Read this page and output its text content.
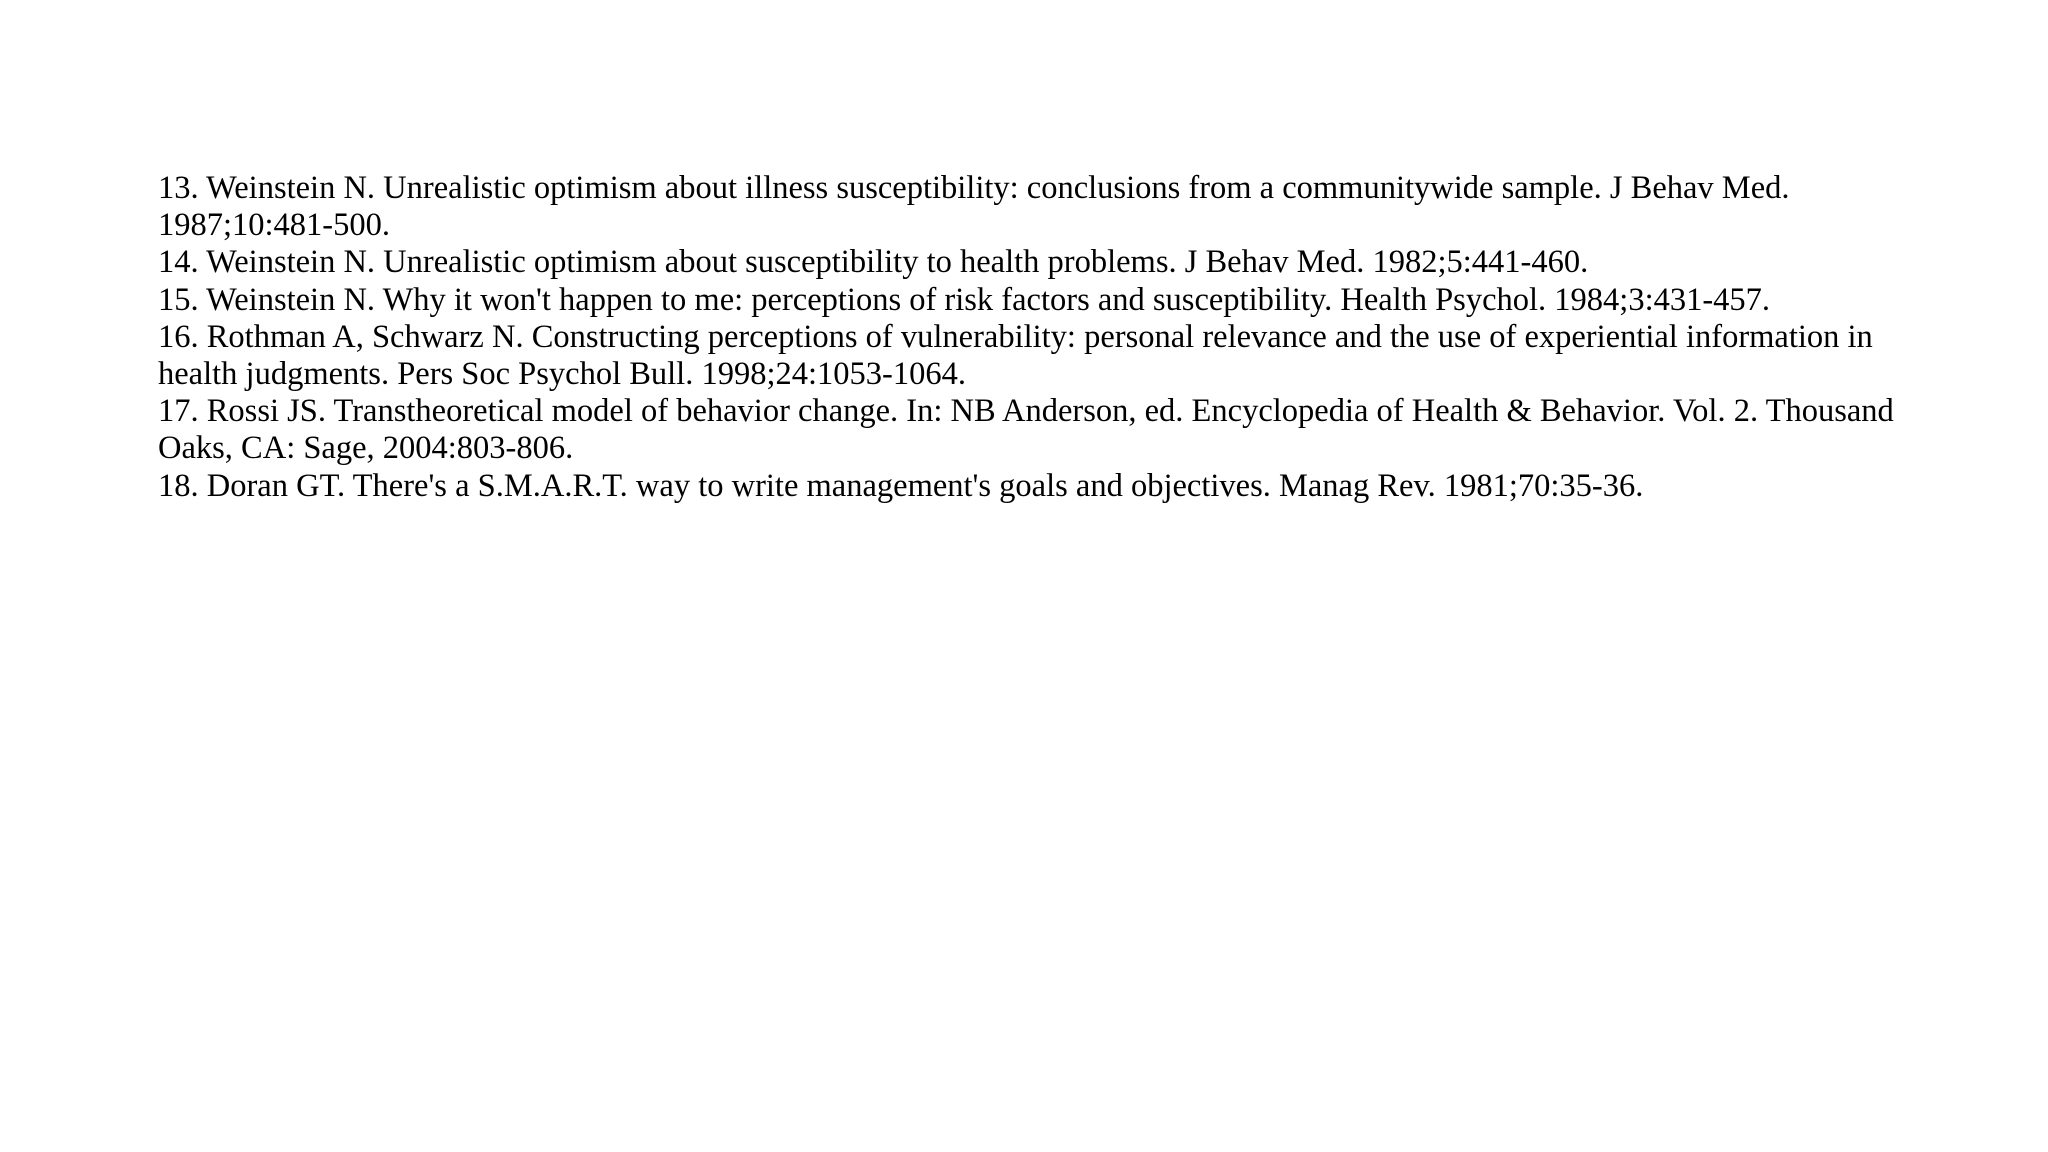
13. Weinstein N. Unrealistic optimism about illness susceptibility: conclusions from a communitywide sample. J Behav Med. 1987;10:481-500.
14. Weinstein N. Unrealistic optimism about susceptibility to health problems. J Behav Med. 1982;5:441-460.
15. Weinstein N. Why it won't happen to me: perceptions of risk factors and susceptibility. Health Psychol. 1984;3:431-457.
16. Rothman A, Schwarz N. Constructing perceptions of vulnerability: personal relevance and the use of experiential information in health judgments. Pers Soc Psychol Bull. 1998;24:1053-1064.
17. Rossi JS. Transtheoretical model of behavior change. In: NB Anderson, ed. Encyclopedia of Health & Behavior. Vol. 2. Thousand Oaks, CA: Sage, 2004:803-806.
18. Doran GT. There's a S.M.A.R.T. way to write management's goals and objectives. Manag Rev. 1981;70:35-36.
